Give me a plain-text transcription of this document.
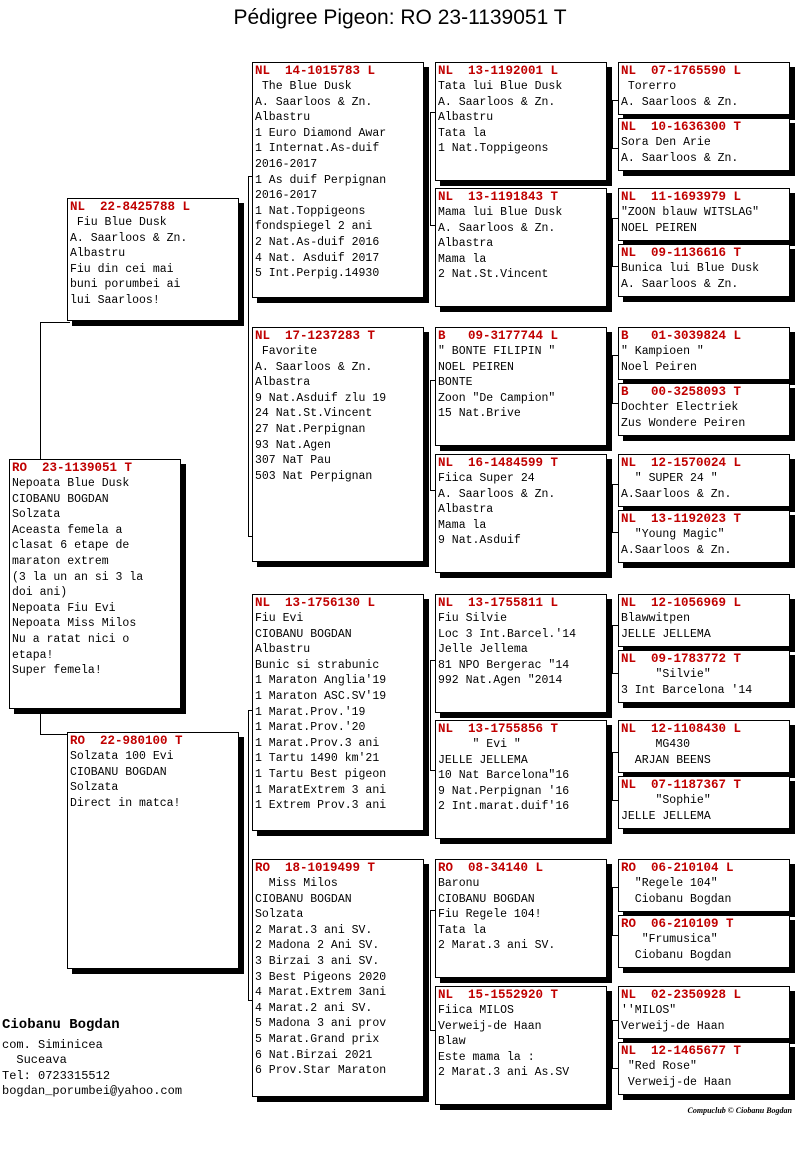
Pédigree Pigeon: RO 23-1139051 T
RO  23-1139051 T
Nepoata Blue Dusk
CIOBANU BOGDAN
Solzata
Aceasta femela a
clasat 6 etape de
maraton extrem
(3 la un an si 3 la
doi ani)
Nepoata Fiu Evi
Nepoata Miss Milos
Nu a ratat nici o
etapa!
Super femela!
NL  22-8425788 L
Fiu Blue Dusk
A. Saarloos & Zn.
Albastru
Fiu din cei mai
buni porumbei ai
lui Saarloos!
RO  22-980100 T
Solzata 100 Evi
CIOBANU BOGDAN
Solzata
Direct in matca!
NL  14-1015783 L
The Blue Dusk
A. Saarloos & Zn.
Albastru
1 Euro Diamond Awar
1 Internat.As-duif
2016-2017
1 As duif Perpignan
2016-2017
1 Nat.Toppigeons
fondspiegel 2 ani
2 Nat.As-duif 2016
4 Nat. Asduif 2017
5 Int.Perpig.14930
NL  17-1237283 T
Favorite
A. Saarloos & Zn.
Albastra
9 Nat.Asduif zlu 19
24 Nat.St.Vincent
27 Nat.Perpignan
93 Nat.Agen
307 NaT Pau
503 Nat Perpignan
NL  13-1756130 L
Fiu Evi
CIOBANU BOGDAN
Albastru
Bunic si strabunic
1 Maraton Anglia'19
1 Maraton ASC.SV'19
1 Marat.Prov.'19
1 Marat.Prov.'20
1 Marat.Prov.3 ani
1 Tartu 1490 km'21
1 Tartu Best pigeon
1 MaratExtrem 3 ani
1 Extrem Prov.3 ani
RO  18-1019499 T
Miss Milos
CIOBANU BOGDAN
Solzata
2 Marat.3 ani SV.
2 Madona 2 Ani SV.
3 Birzai 3 ani SV.
3 Best Pigeons 2020
4 Marat.Extrem 3ani
4 Marat.2 ani SV.
5 Madona 3 ani prov
5 Marat.Grand prix
6 Nat.Birzai 2021
6 Prov.Star Maraton
NL  13-1192001 L
Tata lui Blue Dusk
A. Saarloos & Zn.
Albastru
Tata la
1 Nat.Toppigeons
NL  13-1191843 T
Mama lui Blue Dusk
A. Saarloos & Zn.
Albastra
Mama la
2 Nat.St.Vincent
B   09-3177744 L
" BONTE FILIPIN "
NOEL PEIREN
BONTE
Zoon "De Campion"
15 Nat.Brive
NL  16-1484599 T
Fiica Super 24
A. Saarloos & Zn.
Albastra
Mama la
9 Nat.Asduif
NL  13-1755811 L
Fiu Silvie
Loc 3 Int.Barcel.'14
Jelle Jellema
81 NPO Bergerac "14
992 Nat.Agen "2014
NL  13-1755856 T
" Evi "
JELLE JELLEMA
10 Nat Barcelona"16
9 Nat.Perpignan '16
2 Int.marat.duif'16
RO  08-34140 L
Baronu
CIOBANU BOGDAN
Fiu Regele 104!
Tata la
2 Marat.3 ani SV.
NL  15-1552920 T
Fiica MILOS
Verweij-de Haan
Blaw
Este mama la :
2 Marat.3 ani As.SV
NL  07-1765590 L
Torerro
A. Saarloos & Zn.
NL  10-1636300 T
Sora Den Arie
A. Saarloos & Zn.
NL  11-1693979 L
"ZOON blauw WITSLAG"
NOEL PEIREN
NL  09-1136616 T
Bunica lui Blue Dusk
A. Saarloos & Zn.
B   01-3039824 L
" Kampioen "
Noel Peiren
B   00-3258093 T
Dochter Electriek
Zus Wondere Peiren
NL  12-1570024 L
" SUPER 24 "
A.Saarloos & Zn.
NL  13-1192023 T
"Young Magic"
A.Saarloos & Zn.
NL  12-1056969 L
Blawwitpen
JELLE JELLEMA
NL  09-1783772 T
"Silvie"
3 Int Barcelona '14
NL  12-1108430 L
MG430
ARJAN BEENS
NL  07-1187367 T
"Sophie"
JELLE JELLEMA
RO  06-210104 L
"Regele 104"
Ciobanu Bogdan
RO  06-210109 T
"Frumusica"
Ciobanu Bogdan
NL  02-2350928 L
''MILOS"
Verweij-de Haan
NL  12-1465677 T
"Red Rose"
Verweij-de Haan
Ciobanu Bogdan
com. Siminicea
Suceava
Tel: 0723315512
bogdan_porumbei@yahoo.com
Compuclub © Ciobanu Bogdan
